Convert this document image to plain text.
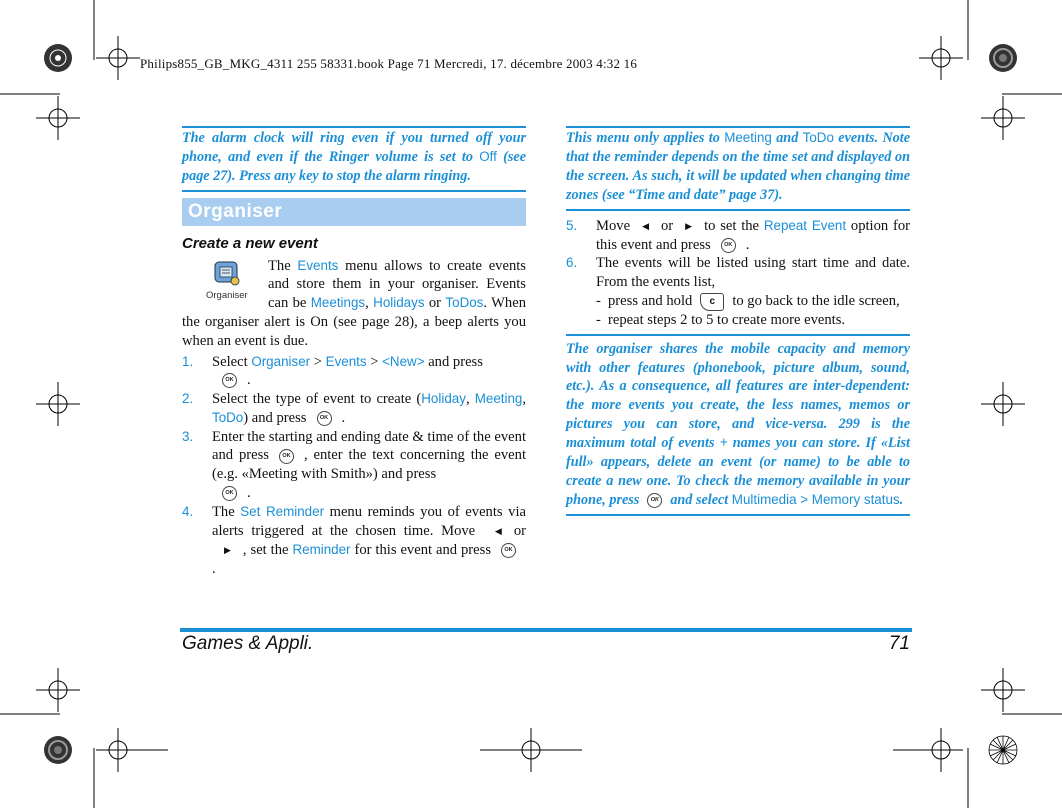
Philips855_GB_MKG_4311 255 58331.book Page 71 Mercredi, 17. décembre 2003 4:32 16
The alarm clock will ring even if you turned off your phone, and even if the Ringer volume is set to Off (see page 27). Press any key to stop the alarm ringing.
Organiser
Create a new event
Organiser
The Events menu allows to create events and store them in your organiser. Events can be Meetings, Holidays or ToDos. When the organiser alert is On (see page 28), a beep alerts you when an event is due.
1. Select Organiser > Events > <New> and press
OK .
2. Select the type of event to create (Holiday, Meeting, ToDo) and press OK .
3. Enter the starting and ending date & time of the event and press OK , enter the text concerning the event (e.g. «Meeting with Smith») and press
OK .
4. The Set Reminder menu reminds you of events via alerts triggered at the chosen time. Move ◀ or▶ , set the Reminder for this event and press OK.
This menu only applies to Meeting and ToDo events. Note that the reminder depends on the time set and displayed on the screen. As such, it will be updated when changing time zones (see “Time and date” page 37).
5. Move ◀ or ▶ to set the Repeat Event option for this event and press OK .
6. The events will be listed using start time and date. From the events list,
- press and hold c to go back to the idle screen,
- repeat steps 2 to 5 to create more events.
The organiser shares the mobile capacity and memory with other features (phonebook, picture album, sound, etc.). As a consequence, all features are inter-dependent: the more events you create, the less names, memos or pictures you can store, and vice-versa. 299 is the maximum total of events + names you can store. If «List full» appears, delete an event (or name) to be able to create a new one. To check the memory available in your phone, press OK and select Multimedia > Memory status.
Games & Appli.	71
